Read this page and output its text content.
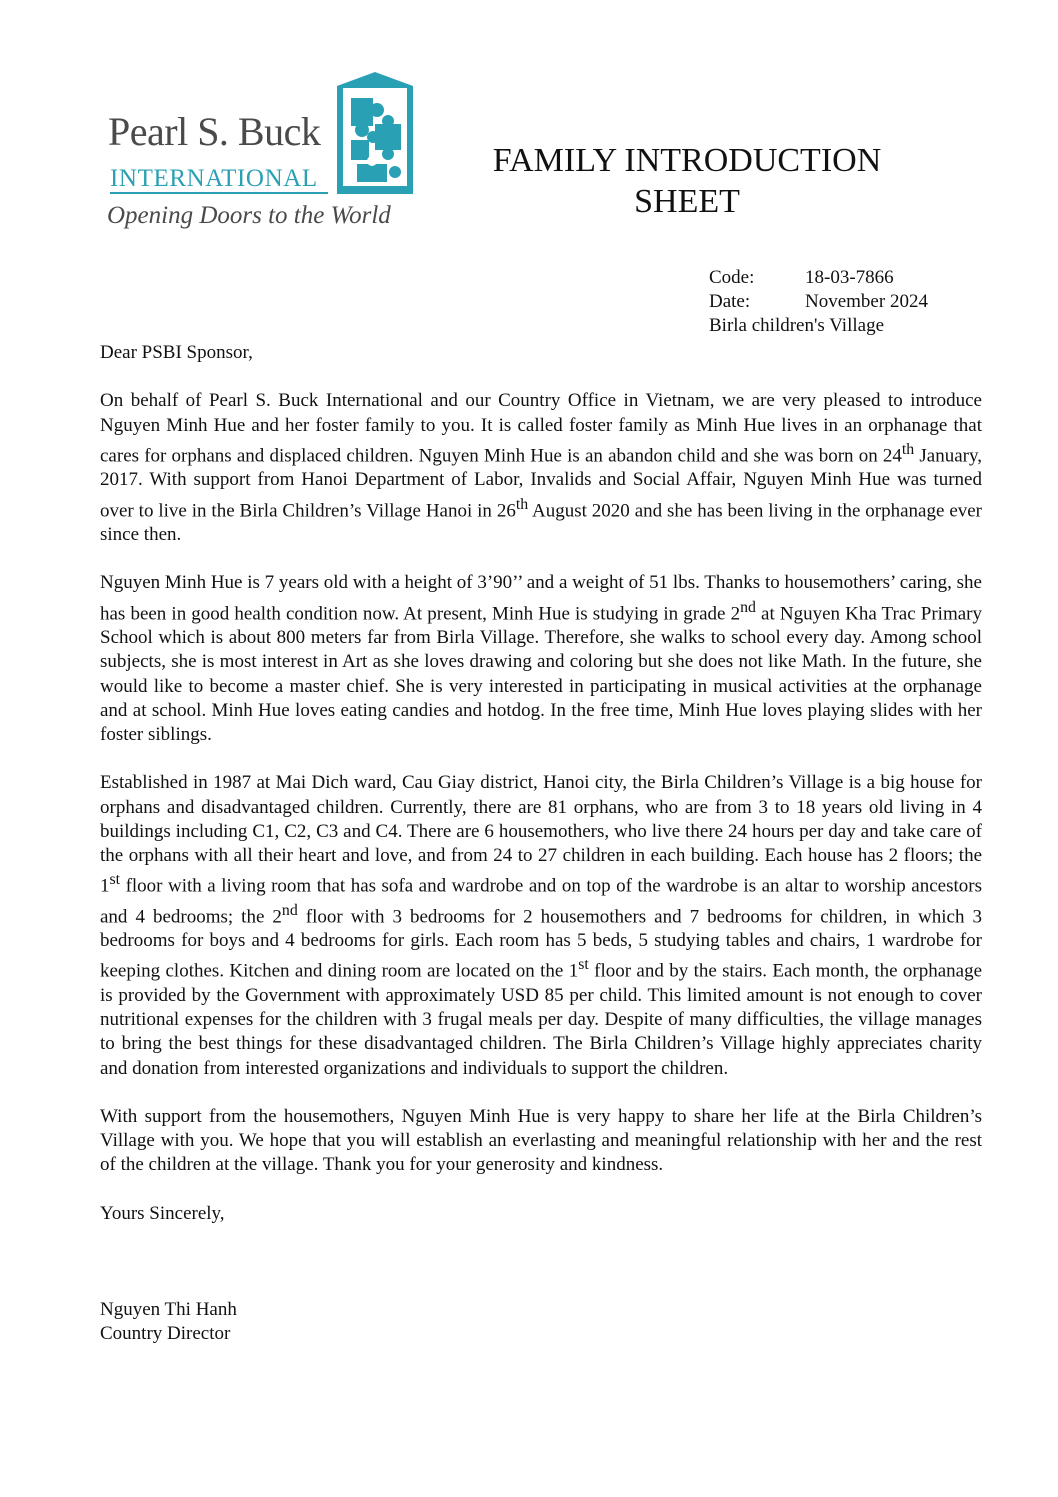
Pearl S. Buck
INTERNATIONAL
Opening Doors to the World
FAMILY INTRODUCTION
SHEET
Code:	18-03-7866
Date:	November 2024
Birla children's Village

Dear PSBI Sponsor,

On behalf of Pearl S. Buck International and our Country Office in Vietnam, we are very pleased to introduce Nguyen Minh Hue and her foster family to you. It is called foster family as Minh Hue lives in an orphanage that cares for orphans and displaced children. Nguyen Minh Hue is an abandon child and she was born on 24th January, 2017. With support from Hanoi Department of Labor, Invalids and Social Affair, Nguyen Minh Hue was turned over to live in the Birla Children’s Village Hanoi in 26th August 2020 and she has been living in the orphanage ever since then.

Nguyen Minh Hue is 7 years old with a height of 3’90’’ and a weight of 51 lbs. Thanks to housemothers’ caring, she has been in good health condition now. At present, Minh Hue is studying in grade 2nd at Nguyen Kha Trac Primary School which is about 800 meters far from Birla Village. Therefore, she walks to school every day. Among school subjects, she is most interest in Art as she loves drawing and coloring but she does not like Math. In the future, she would like to become a master chief. She is very interested in participating in musical activities at the orphanage and at school. Minh Hue loves eating candies and hotdog. In the free time, Minh Hue loves playing slides with her foster siblings.

Established in 1987 at Mai Dich ward, Cau Giay district, Hanoi city, the Birla Children’s Village is a big house for orphans and disadvantaged children. Currently, there are 81 orphans, who are from 3 to 18 years old living in 4 buildings including C1, C2, C3 and C4. There are 6 housemothers, who live there 24 hours per day and take care of the orphans with all their heart and love, and from 24 to 27 children in each building. Each house has 2 floors; the 1st floor with a living room that has sofa and wardrobe and on top of the wardrobe is an altar to worship ancestors and 4 bedrooms; the 2nd floor with 3 bedrooms for 2 housemothers and 7 bedrooms for children, in which 3 bedrooms for boys and 4 bedrooms for girls. Each room has 5 beds, 5 studying tables and chairs, 1 wardrobe for keeping clothes. Kitchen and dining room are located on the 1st floor and by the stairs. Each month, the orphanage is provided by the Government with approximately USD 85 per child. This limited amount is not enough to cover nutritional expenses for the children with 3 frugal meals per day. Despite of many difficulties, the village manages to bring the best things for these disadvantaged children. The Birla Children’s Village highly appreciates charity and donation from interested organizations and individuals to support the children.

With support from the housemothers, Nguyen Minh Hue is very happy to share her life at the Birla Children’s Village with you. We hope that you will establish an everlasting and meaningful relationship with her and the rest of the children at the village. Thank you for your generosity and kindness.

Yours Sincerely,

Nguyen Thi Hanh

Country Director
